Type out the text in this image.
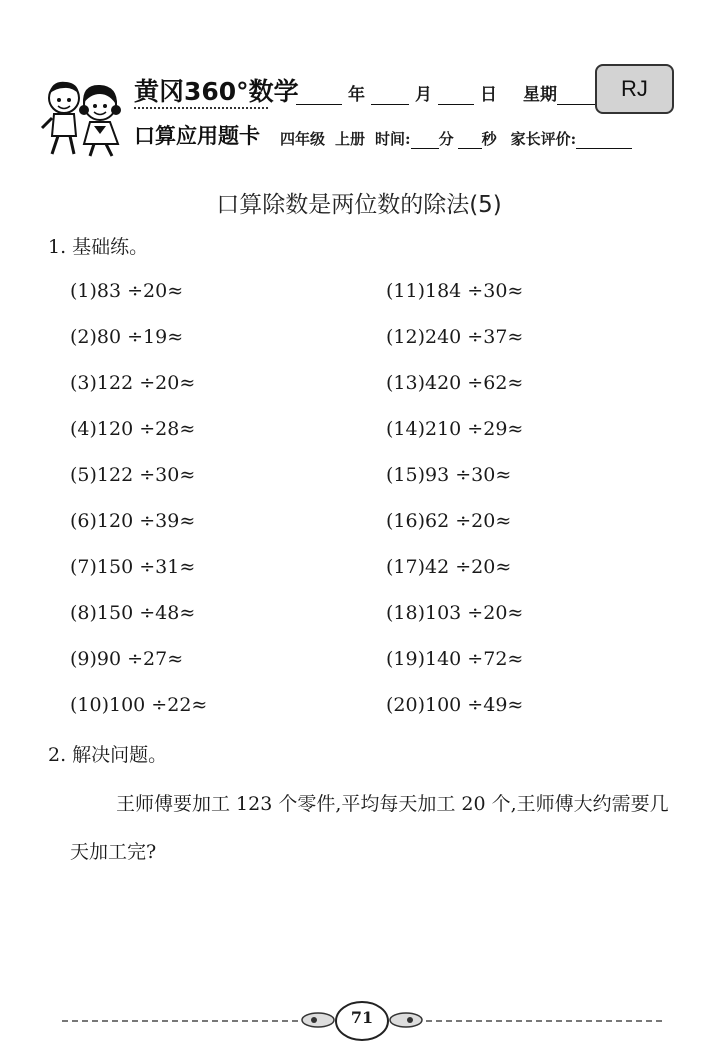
黄冈360°数学
口算应用题卡
年	月	日 星期	RJ
四年级 上册 时间: 分 秒 家长评价:
口算除数是两位数的除法(5)
1. 基础练。
(1)83 ÷20≈
(2)80 ÷19≈
(3)122 ÷20≈
(4)120 ÷28≈
(5)122 ÷30≈
(6)120 ÷39≈
(7)150 ÷31≈
(8)150 ÷48≈
(9)90 ÷27≈
(10)100 ÷22≈
(11)184 ÷30≈
(12)240 ÷37≈
(13)420 ÷62≈
(14)210 ÷29≈
(15)93 ÷30≈
(16)62 ÷20≈
(17)42 ÷20≈
(18)103 ÷20≈
(19)140 ÷72≈
(20)100 ÷49≈
2. 解决问题。
王师傅要加工 123 个零件,平均每天加工 20 个,王师傅大约需要几天加工完?
71
